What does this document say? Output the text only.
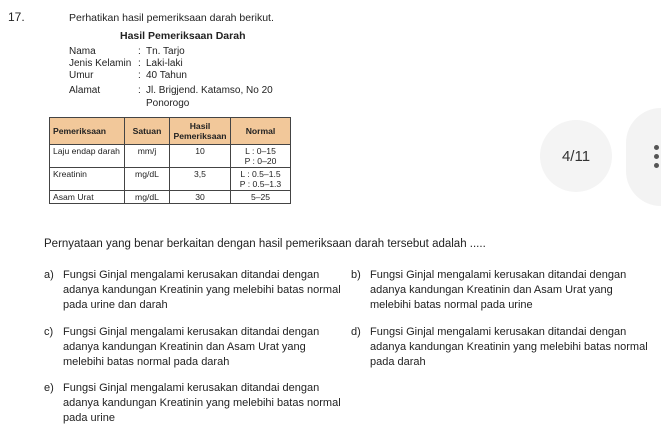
17.	Perhatikan hasil pemeriksaan darah berikut.
Hasil Pemeriksaan Darah
Nama	: Tn. Tarjo
Jenis Kelamin : Laki-laki
Umur	: 40 Tahun
Alamat	: Jl. Brigjend. Katamso, No 20
Ponorogo
Pemeriksaan	Satuan	Hasil Pemeriksaan	Normal
Laju endap darah	mm/j	10	L : 0–15
P : 0–20

Kreatinin	mg/dL	3,5	L : 0.5–1.5
P : 0.5–1.3

Asam Urat	mg/dL	30	5–25
4/11
Pernyataan yang benar berkaitan dengan hasil pemeriksaan darah tersebut adalah .....
a) Fungsi Ginjal mengalami kerusakan ditandai dengan adanya kandungan Kreatinin yang melebihi batas normal pada urine dan darah
b) Fungsi Ginjal mengalami kerusakan ditandai dengan adanya kandungan Kreatinin dan Asam Urat yang melebihi batas normal pada urine
c) Fungsi Ginjal mengalami kerusakan ditandai dengan adanya kandungan Kreatinin dan Asam Urat yang melebihi batas normal pada darah
d) Fungsi Ginjal mengalami kerusakan ditandai dengan adanya kandungan Kreatinin yang melebihi batas normal pada darah
e) Fungsi Ginjal mengalami kerusakan ditandai dengan adanya kandungan Kreatinin yang melebihi batas normal pada urine
